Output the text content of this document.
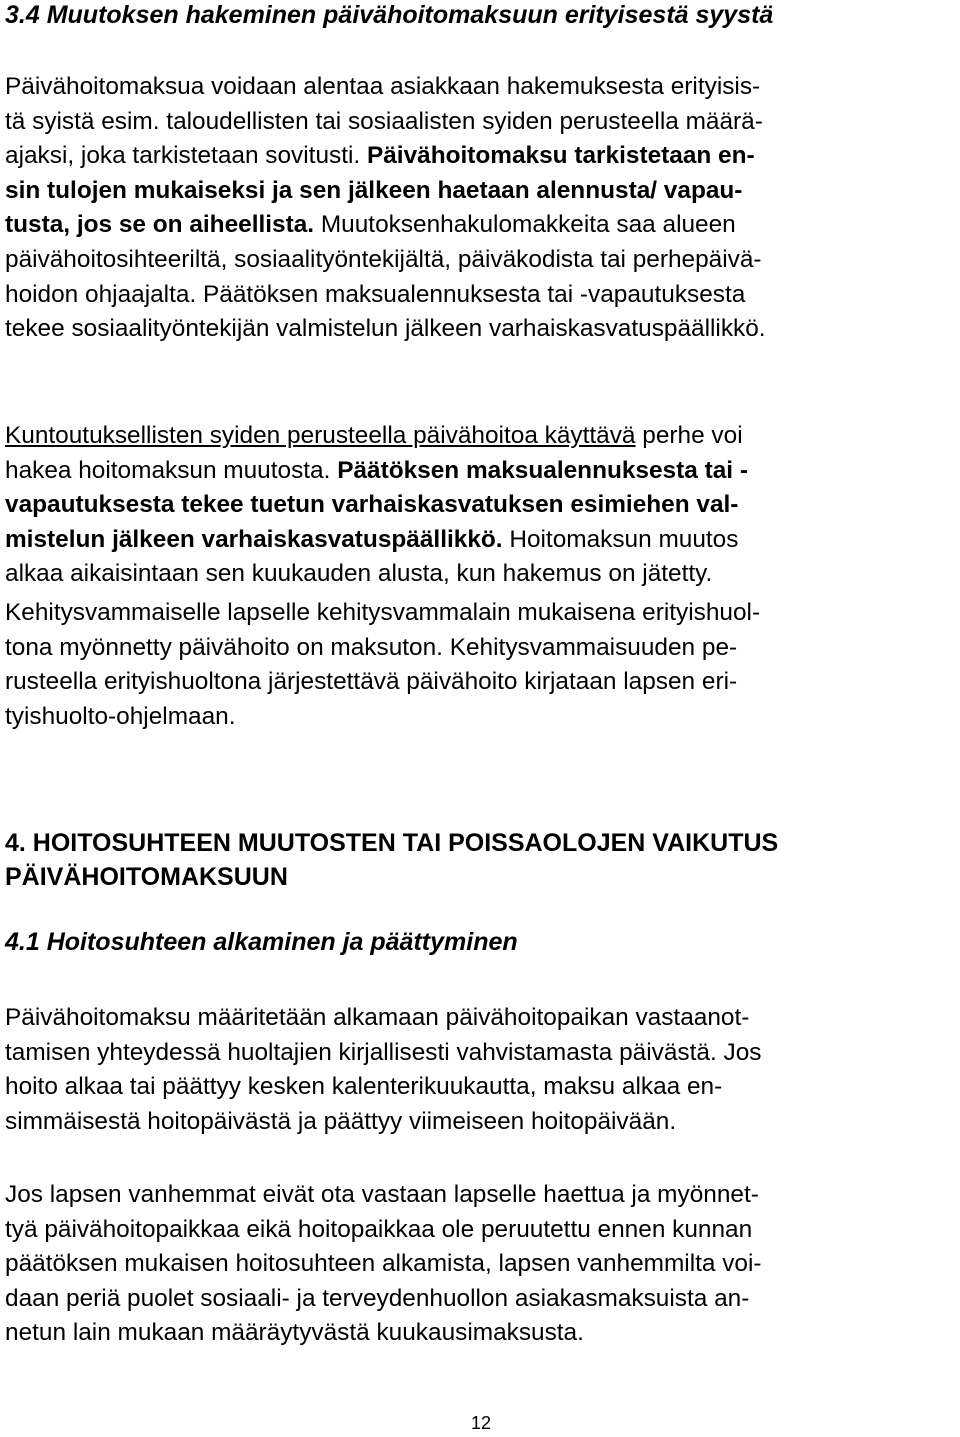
3.4 Muutoksen hakeminen päivähoitomaksuun erityisestä syystä
Päivähoitomaksua voidaan alentaa asiakkaan hakemuksesta erityisis-
tä syistä esim. taloudellisten tai sosiaalisten syiden perusteella määrä-
ajaksi, joka tarkistetaan sovitusti. Päivähoitomaksu tarkistetaan en-
sin tulojen mukaiseksi ja sen jälkeen haetaan alennusta/ vapau-
tusta, jos se on aiheellista. Muutoksenhakulomakkeita saa alueen
päivähoitosihteeriltä, sosiaalityöntekijältä, päiväkodista tai perhepäivä-
hoidon ohjaajalta. Päätöksen maksualennuksesta tai -vapautuksesta
tekee sosiaalityöntekijän valmistelun jälkeen varhaiskasvatuspäällikkö.
Kuntoutuksellisten syiden perusteella päivähoitoa käyttävä perhe voi
hakea hoitomaksun muutosta. Päätöksen maksualennuksesta tai -
vapautuksesta tekee tuetun varhaiskasvatuksen esimiehen val-
mistelun jälkeen varhaiskasvatuspäällikkö. Hoitomaksun muutos
alkaa aikaisintaan sen kuukauden alusta, kun hakemus on jätetty.
Kehitysvammaiselle lapselle kehitysvammalain mukaisena erityishuol-
tona myönnetty päivähoito on maksuton. Kehitysvammaisuuden pe-
rusteella erityishuoltona järjestettävä päivähoito kirjataan lapsen eri-
tyishuolto-ohjelmaan.
4. HOITOSUHTEEN MUUTOSTEN TAI POISSAOLOJEN VAIKUTUS
PÄIVÄHOITOMAKSUUN
4.1 Hoitosuhteen alkaminen ja päättyminen
Päivähoitomaksu määritetään alkamaan päivähoitopaikan vastaanot-
tamisen yhteydessä huoltajien kirjallisesti vahvistamasta päivästä. Jos
hoito alkaa tai päättyy kesken kalenterikuukautta, maksu alkaa en-
simmäisestä hoitopäivästä ja päättyy viimeiseen hoitopäivään.
Jos lapsen vanhemmat eivät ota vastaan lapselle haettua ja myönnet-
tyä päivähoitopaikkaa eikä hoitopaikkaa ole peruutettu ennen kunnan
päätöksen mukaisen hoitosuhteen alkamista, lapsen vanhemmilta voi-
daan periä puolet sosiaali- ja terveydenhuollon asiakasmaksuista an-
netun lain mukaan määräytyvästä kuukausimaksusta.
12
